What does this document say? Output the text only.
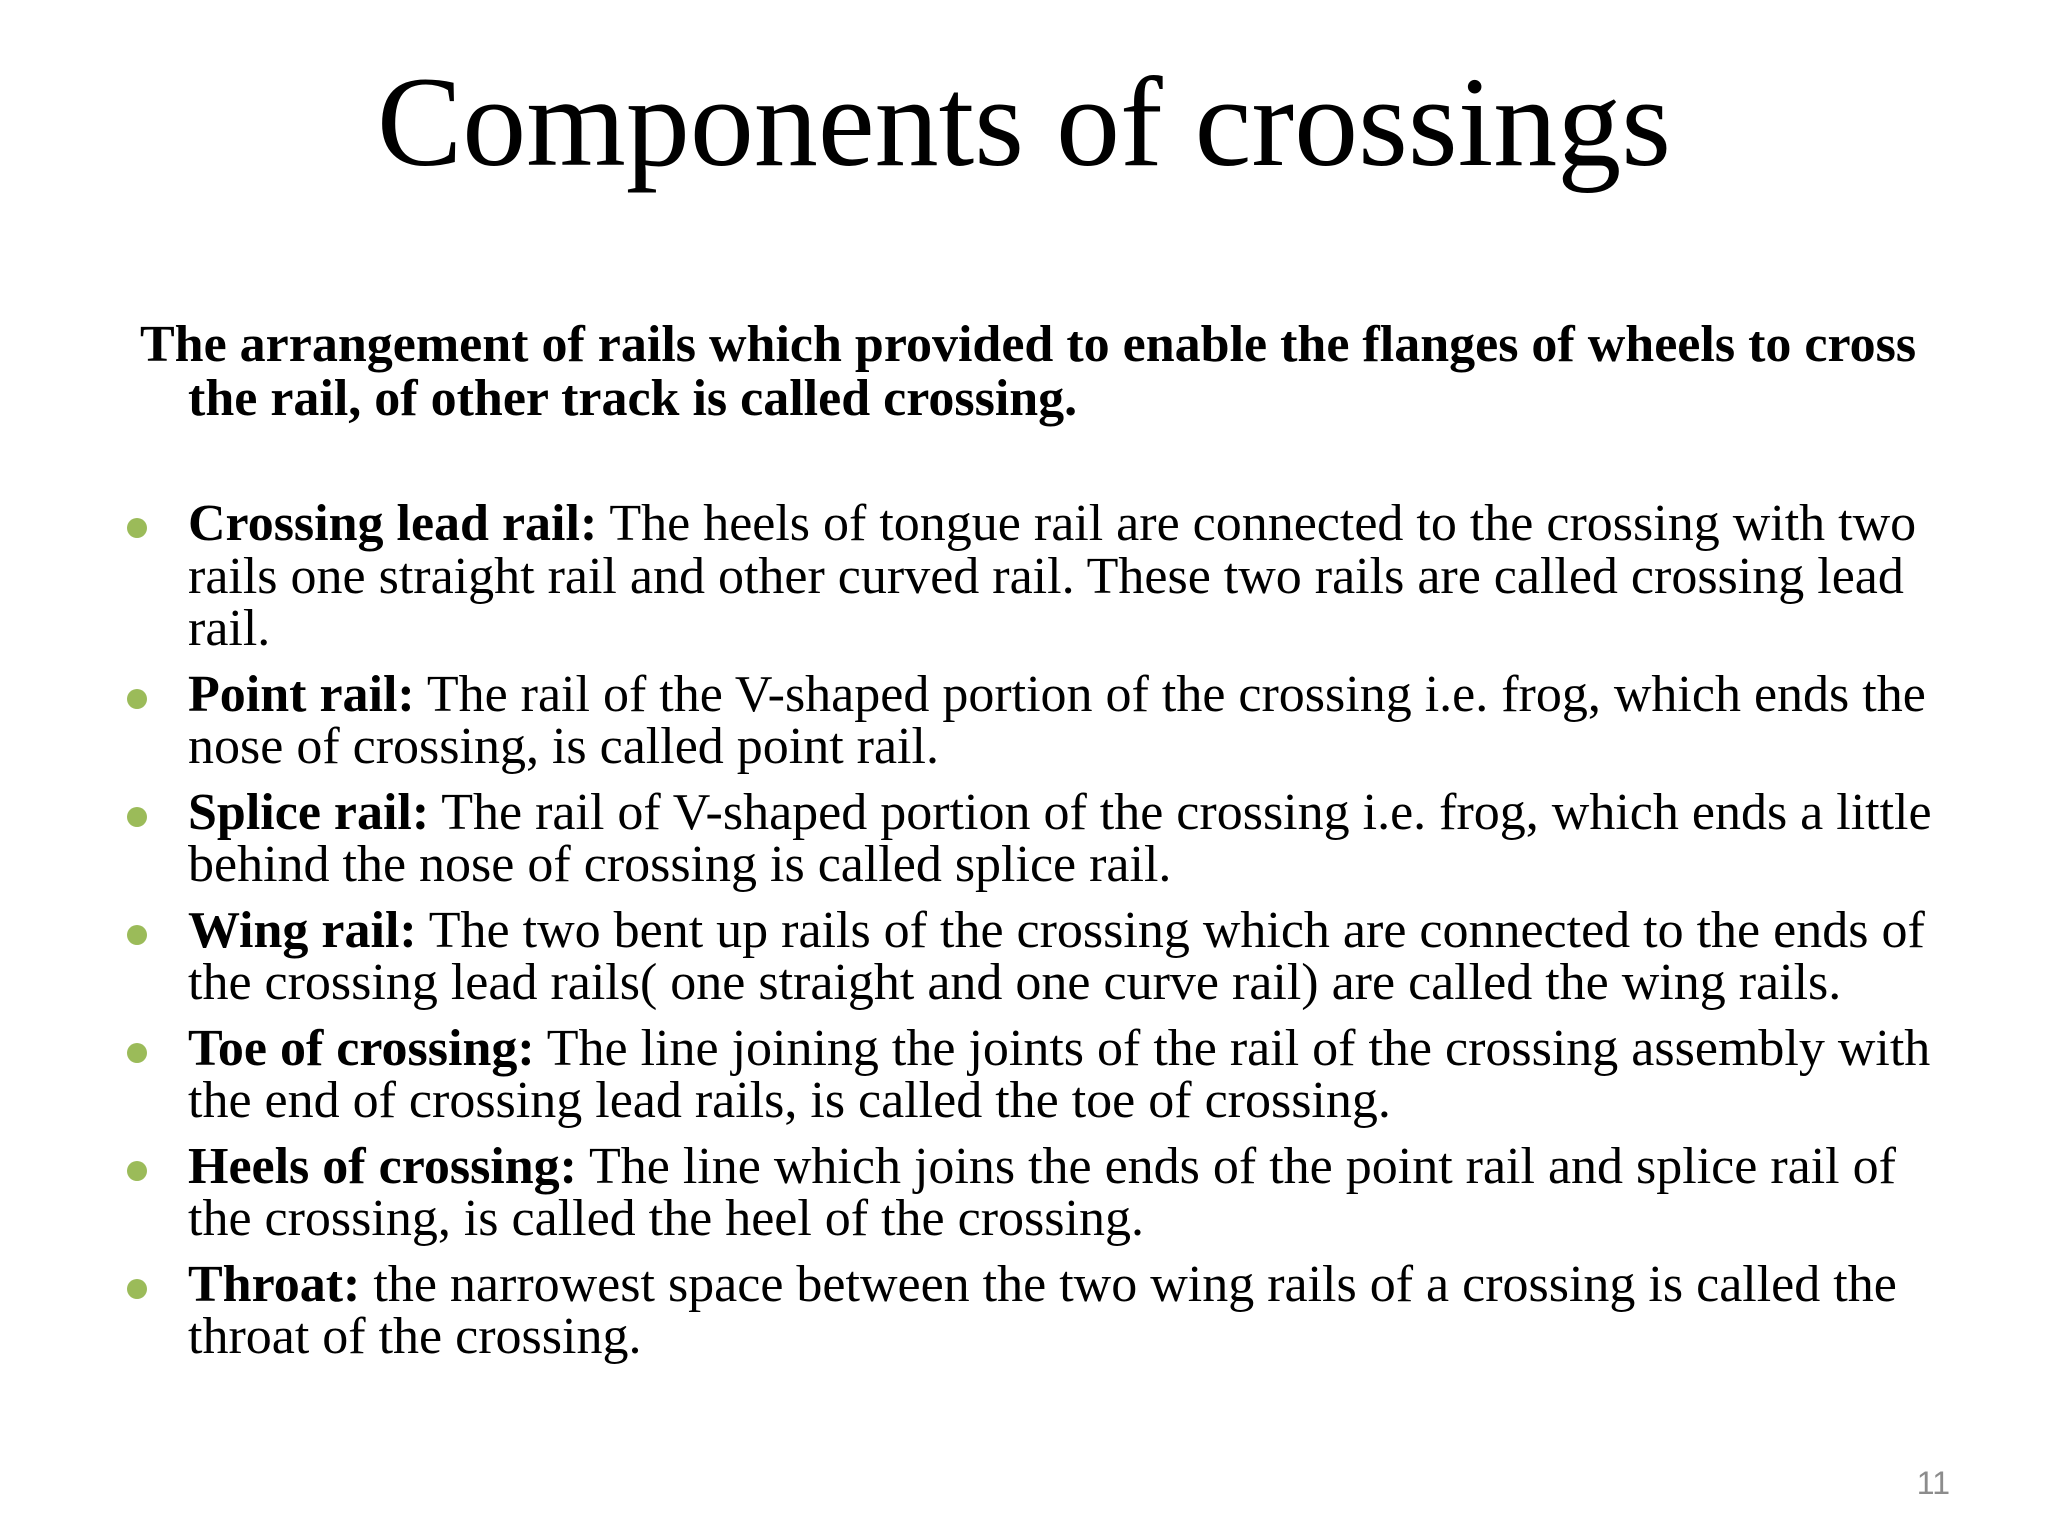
Components of crossings

The arrangement of rails which provided to enable the flanges of wheels to cross the rail, of other track is called crossing.

Crossing lead rail: The heels of tongue rail are connected to the crossing with two rails one straight rail and other curved rail. These two rails are called crossing lead rail.
Point rail: The rail of the V-shaped portion of the crossing i.e. frog, which ends the nose of crossing, is called point rail.
Splice rail: The rail of V-shaped portion of the crossing i.e. frog, which ends a little behind the nose of crossing is called splice rail.
Wing rail: The two bent up rails of the crossing which are connected to the ends of the crossing lead rails( one straight and one curve rail) are called the wing rails.
Toe of crossing: The line joining the joints of the rail of the crossing assembly with the end of crossing lead rails, is called the toe of crossing.
Heels of crossing: The line which joins the ends of the point rail and splice rail of the crossing, is called the heel of the crossing.
Throat: the narrowest space between the two wing rails of a crossing is called the throat of the crossing.
11
